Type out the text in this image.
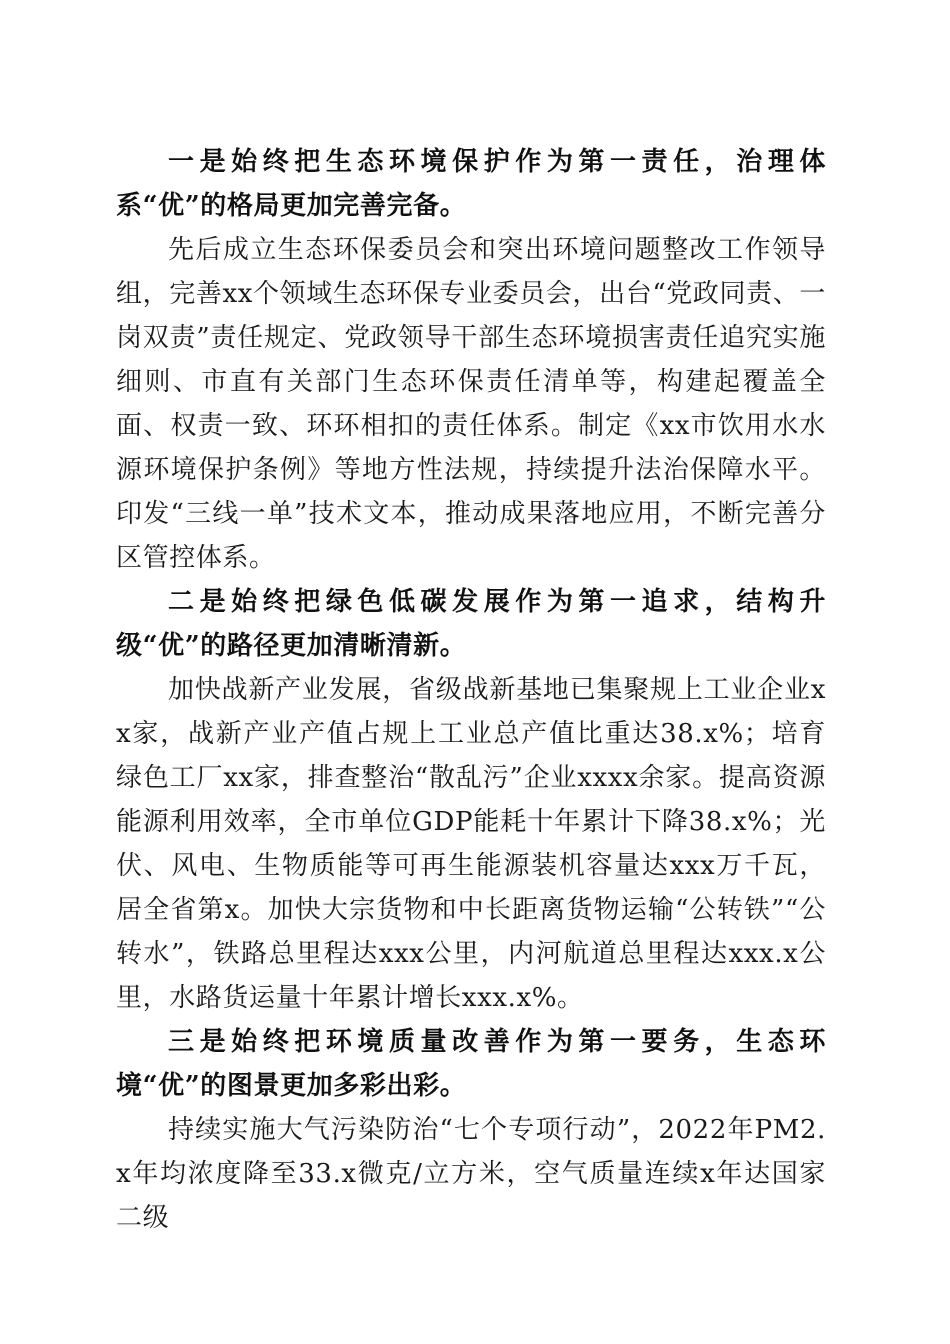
一是始终把生态环境保护作为第一责任，治理体系“优”的格局更加完善完备。

先后成立生态环保委员会和突出环境问题整改工作领导组，完善xx个领域生态环保专业委员会，出台“党政同责、一岗双责”责任规定、党政领导干部生态环境损害责任追究实施细则、市直有关部门生态环保责任清单等，构建起覆盖全面、权责一致、环环相扣的责任体系。制定《xx市饮用水水源环境保护条例》等地方性法规，持续提升法治保障水平。印发“三线一单”技术文本，推动成果落地应用，不断完善分区管控体系。

二是始终把绿色低碳发展作为第一追求，结构升级“优”的路径更加清晰清新。

加快战新产业发展，省级战新基地已集聚规上工业企业xx家，战新产业产值占规上工业总产值比重达38.x%；培育绿色工厂xx家，排查整治“散乱污”企业xxxx余家。提高资源能源利用效率，全市单位GDP能耗十年累计下降38.x%；光伏、风电、生物质能等可再生能源装机容量达xxx万千瓦，居全省第x。加快大宗货物和中长距离货物运输“公转铁”“公转水”，铁路总里程达xxx公里，内河航道总里程达xxx.x公里，水路货运量十年累计增长xxx.x%。

三是始终把环境质量改善作为第一要务，生态环境“优”的图景更加多彩出彩。

持续实施大气污染防治“七个专项行动”，2022年PM2.x年均浓度降至33.x微克/立方米，空气质量连续x年达国家二级
